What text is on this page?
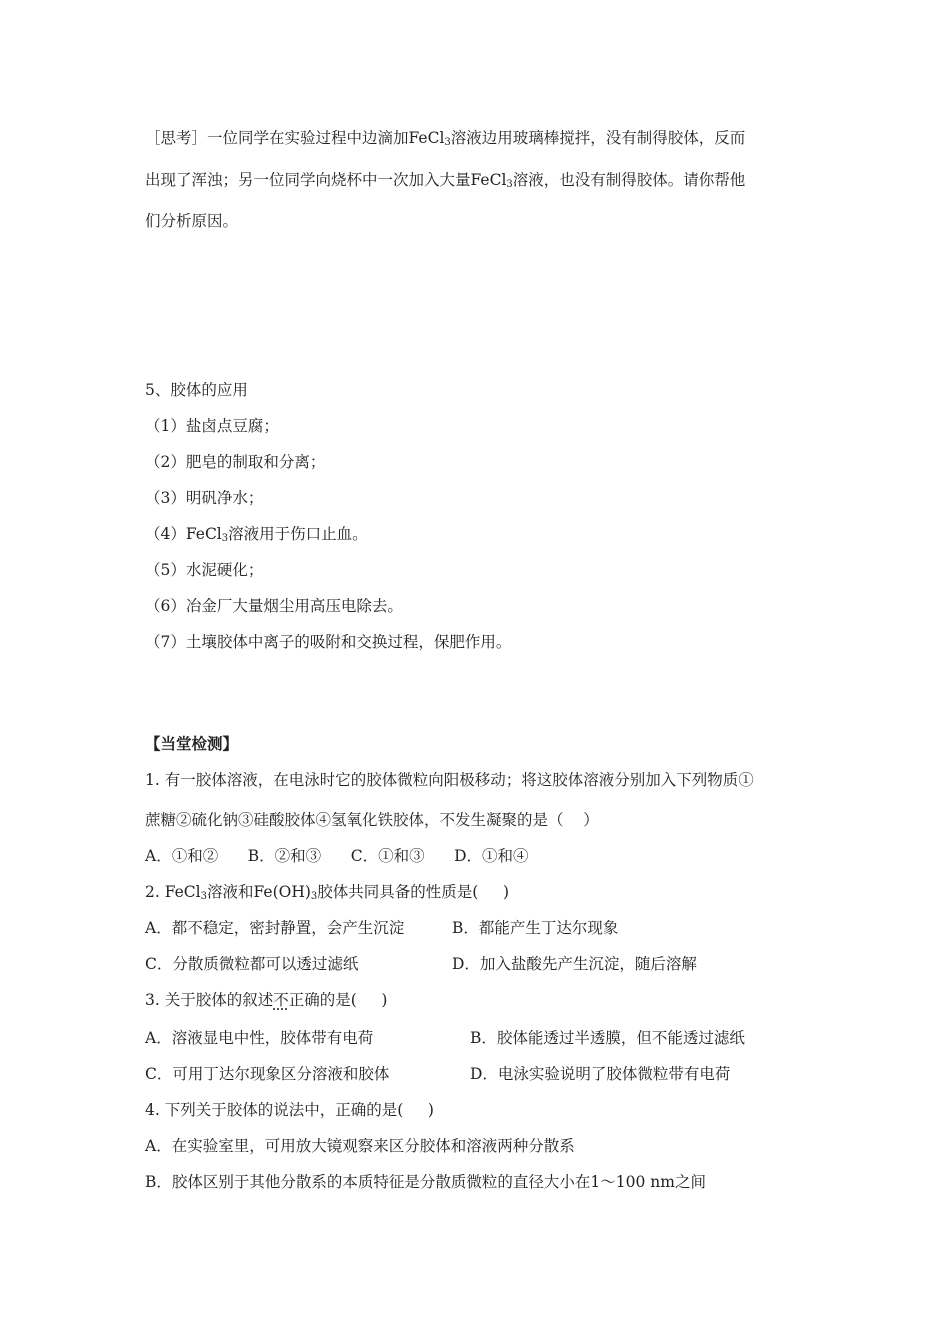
［思考］一位同学在实验过程中边滴加FeCl$_3$溶液边用玻璃棒搅拌，没有制得胶体，反而
出现了浑浊；另一位同学向烧杯中一次加入大量FeCl$_3$溶液，也没有制得胶体。请你帮他
们分析原因。
5、胶体的应用
（1）盐卤点豆腐；
（2）肥皂的制取和分离；
（3）明矾净水；
（4）FeCl$_3$溶液用于伤口止血。
（5）水泥硬化；
（6）冶金厂大量烟尘用高压电除去。
（7）土壤胶体中离子的吸附和交换过程，保肥作用。
【当堂检测】
1. 有一胶体溶液，在电泳时它的胶体微粒向阳极移动；将这胶体溶液分别加入下列物质①
蔗糖②硫化钠③硅酸胶体④氢氧化铁胶体，不发生凝聚的是（    ）
A．①和②      B．②和③      C．①和③      D．①和④
2. FeCl$_3$溶液和$Fe(OH)_3$胶体共同具备的性质是(     )
A．都不稳定，密封静置，会产生沉淀	B．都能产生丁达尔现象
C．分散质微粒都可以透过滤纸	D．加入盐酸先产生沉淀，随后溶解
3. 关于胶体的叙述不正确的是(     )
A．溶液显电中性，胶体带有电荷	B．胶体能透过半透膜，但不能透过滤纸
C．可用丁达尔现象区分溶液和胶体	D．电泳实验说明了胶体微粒带有电荷
4. 下列关于胶体的说法中，正确的是(     )
A．在实验室里，可用放大镜观察来区分胶体和溶液两种分散系
B．胶体区别于其他分散系的本质特征是分散质微粒的直径大小在1～100 nm之间
